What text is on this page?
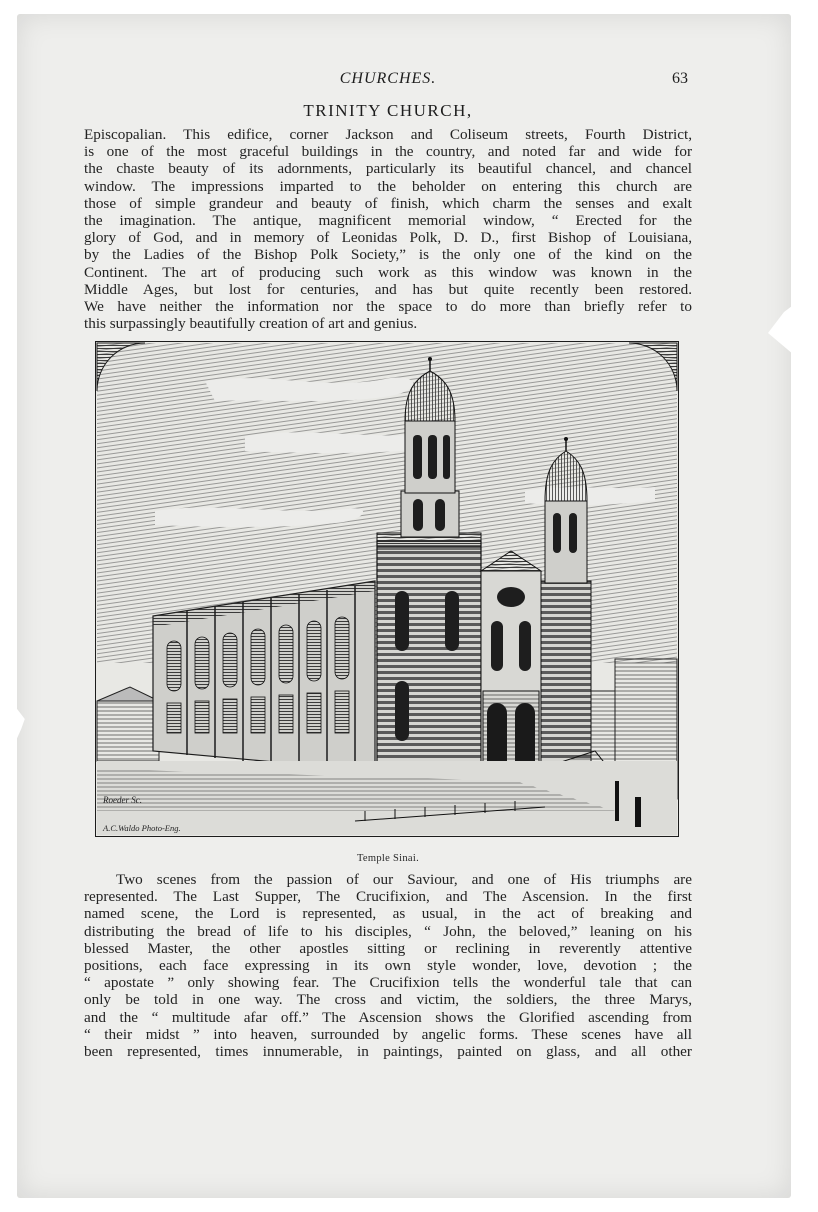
CHURCHES.	63
TRINITY CHURCH,
Episcopalian. This edifice, corner Jackson and Coliseum streets, Fourth District,
is one of the most graceful buildings in the country, and noted far and wide for
the chaste beauty of its adornments, particularly its beautiful chancel, and chancel
window. The impressions imparted to the beholder on entering this church are
those of simple grandeur and beauty of finish, which charm the senses and exalt
the imagination. The antique, magnificent memorial window, “ Erected for the
glory of God, and in memory of Leonidas Polk, D. D., first Bishop of Louisiana,
by the Ladies of the Bishop Polk Society,” is the only one of the kind on the
Continent. The art of producing such work as this window was known in the
Middle Ages, but lost for centuries, and has but quite recently been restored.
We have neither the information nor the space to do more than briefly refer to
this surpassingly beautifully creation of art and genius.
Roeder Sc.
A.C.Waldo Photo-Eng.
Temple Sinai.
Two scenes from the passion of our Saviour, and one of His triumphs are
represented. The Last Supper, The Crucifixion, and The Ascension. In the first
named scene, the Lord is represented, as usual, in the act of breaking and
distributing the bread of life to his disciples, “ John, the beloved,” leaning on his
blessed Master, the other apostles sitting or reclining in reverently attentive
positions, each face expressing in its own style wonder, love, devotion ; the
“ apostate ” only showing fear. The Crucifixion tells the wonderful tale that can
only be told in one way. The cross and victim, the soldiers, the three Marys,
and the “ multitude afar off.” The Ascension shows the Glorified ascending from
“ their midst ” into heaven, surrounded by angelic forms. These scenes have all
been represented, times innumerable, in paintings, painted on glass, and all other
